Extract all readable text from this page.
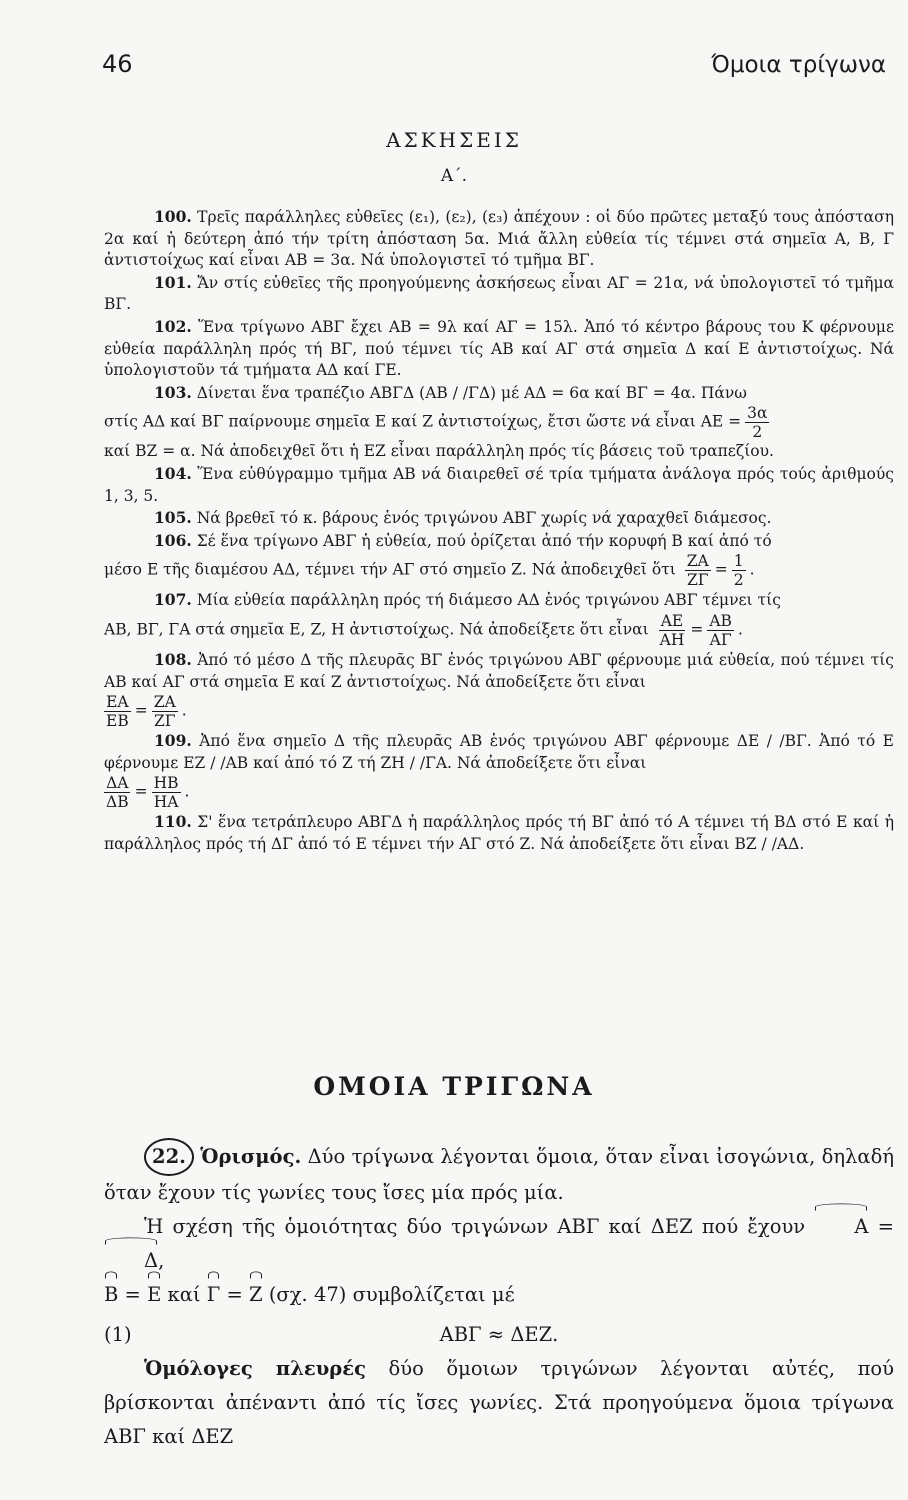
46	Όμοια τρίγωνα
ΑΣΚΗΣΕΙΣ
Α΄.

100. Τρεῖς παράλληλες εὐθεῖες (ε₁), (ε₂), (ε₃) ἀπέχουν : οἱ δύο πρῶτες μεταξύ τους ἀπόσταση 2α καί ἡ δεύτερη ἀπό τήν τρίτη ἀπόσταση 5α. Μιά ἄλλη εὐθεία τίς τέμνει στά σημεῖα Α, Β, Γ ἀντιστοίχως καί εἶναι ΑΒ = 3α. Νά ὑπολογιστεῖ τό τμῆμα ΒΓ.

101. Ἄν στίς εὐθεῖες τῆς προηγούμενης ἀσκήσεως εἶναι ΑΓ = 21α, νά ὑπολογιστεῖ τό τμῆμα ΒΓ.

102. Ἕνα τρίγωνο ΑΒΓ ἔχει ΑΒ = 9λ καί ΑΓ = 15λ. Ἀπό τό κέντρο βάρους του Κ φέρνουμε εὐθεία παράλληλη πρός τή ΒΓ, πού τέμνει τίς ΑΒ καί ΑΓ στά σημεῖα Δ καί Ε ἀντιστοίχως. Νά ὑπολογιστοῦν τά τμήματα ΑΔ καί ΓΕ.

103. Δίνεται ἕνα τραπέζιο ΑΒΓΔ (ΑΒ / /ΓΔ) μέ ΑΔ = 6α καί ΒΓ = 4α. Πάνω

στίς ΑΔ καί ΒΓ παίρνουμε σημεῖα Ε καί Ζ ἀντιστοίχως, ἔτσι ὥστε νά εἶναι $AE = \frac{3\alpha}{2}$

καί ΒΖ = α. Νά ἀποδειχθεῖ ὅτι ἡ ΕΖ εἶναι παράλληλη πρός τίς βάσεις τοῦ τραπεζίου.

104. Ἕνα εὐθύγραμμο τμῆμα ΑΒ νά διαιρεθεῖ σέ τρία τμήματα ἀνάλογα πρός τούς ἀριθμούς 1, 3, 5.

105. Νά βρεθεῖ τό κ. βάρους ἑνός τριγώνου ΑΒΓ χωρίς νά χαραχθεῖ διάμεσος.

106. Σέ ἕνα τρίγωνο ΑΒΓ ἡ εὐθεία, πού ὁρίζεται ἀπό τήν κορυφή Β καί ἀπό τό

μέσο Ε τῆς διαμέσου ΑΔ, τέμνει τήν ΑΓ στό σημεῖο Ζ. Νά ἀποδειχθεῖ ὅτι $\frac{ZA}{Z\Gamma} = \frac{1}{2}$ .

107. Μία εὐθεία παράλληλη πρός τή διάμεσο ΑΔ ἑνός τριγώνου ΑΒΓ τέμνει τίς

ΑΒ, ΒΓ, ΓΑ στά σημεῖα Ε, Ζ, Η ἀντιστοίχως. Νά ἀποδείξετε ὅτι εἶναι $\frac{AE}{AH} = \frac{AB}{A\Gamma}$ .

108. Ἀπό τό μέσο Δ τῆς πλευρᾶς ΒΓ ἑνός τριγώνου ΑΒΓ φέρνουμε μιά εὐθεία, πού τέμνει τίς ΑΒ καί ΑΓ στά σημεῖα Ε καί Ζ ἀντιστοίχως. Νά ἀποδείξετε ὅτι εἶναι

$\frac{EA}{EB} = \frac{ZA}{Z\Gamma}$ .

109. Ἀπό ἕνα σημεῖο Δ τῆς πλευρᾶς ΑΒ ἑνός τριγώνου ΑΒΓ φέρνουμε ΔΕ / /ΒΓ. Ἀπό τό Ε φέρνουμε ΕΖ / /ΑΒ καί ἀπό τό Ζ τή ΖΗ / /ΓΑ. Νά ἀποδείξετε ὅτι εἶναι

$\frac{\Delta A}{\Delta B} = \frac{HB}{HA}$ .

110. Σ' ἕνα τετράπλευρο ΑΒΓΔ ἡ παράλληλος πρός τή ΒΓ ἀπό τό Α τέμνει τή ΒΔ στό Ε καί ἡ παράλληλος πρός τή ΔΓ ἀπό τό Ε τέμνει τήν ΑΓ στό Ζ. Νά ἀποδείξετε ὅτι εἶναι ΒΖ / /ΑΔ.

ΟΜΟΙΑ ΤΡΙΓΩΝΑ

22. Ὁρισμός. Δύο τρίγωνα λέγονται ὅμοια, ὅταν εἶναι ἰσογώνια, δηλαδή ὅταν ἔχουν τίς γωνίες τους ἴσες μία πρός μία.

Ἡ σχέση τῆς ὁμοιότητας δύο τριγώνων ΑΒΓ καί ΔΕΖ πού ἔχουν	Α = Δ,

Β = Ε καί Γ = Ζ (σχ. 47) συμβολίζεται μέ

(1)	ΑΒΓ ≈ ΔΕΖ.

Ὁμόλογες πλευρές δύο ὅμοιων τριγώνων λέγονται αὐτές, πού βρίσκονται ἀπέναντι ἀπό τίς ἴσες γωνίες. Στά προηγούμενα ὅμοια τρίγωνα ΑΒΓ καί ΔΕΖ
